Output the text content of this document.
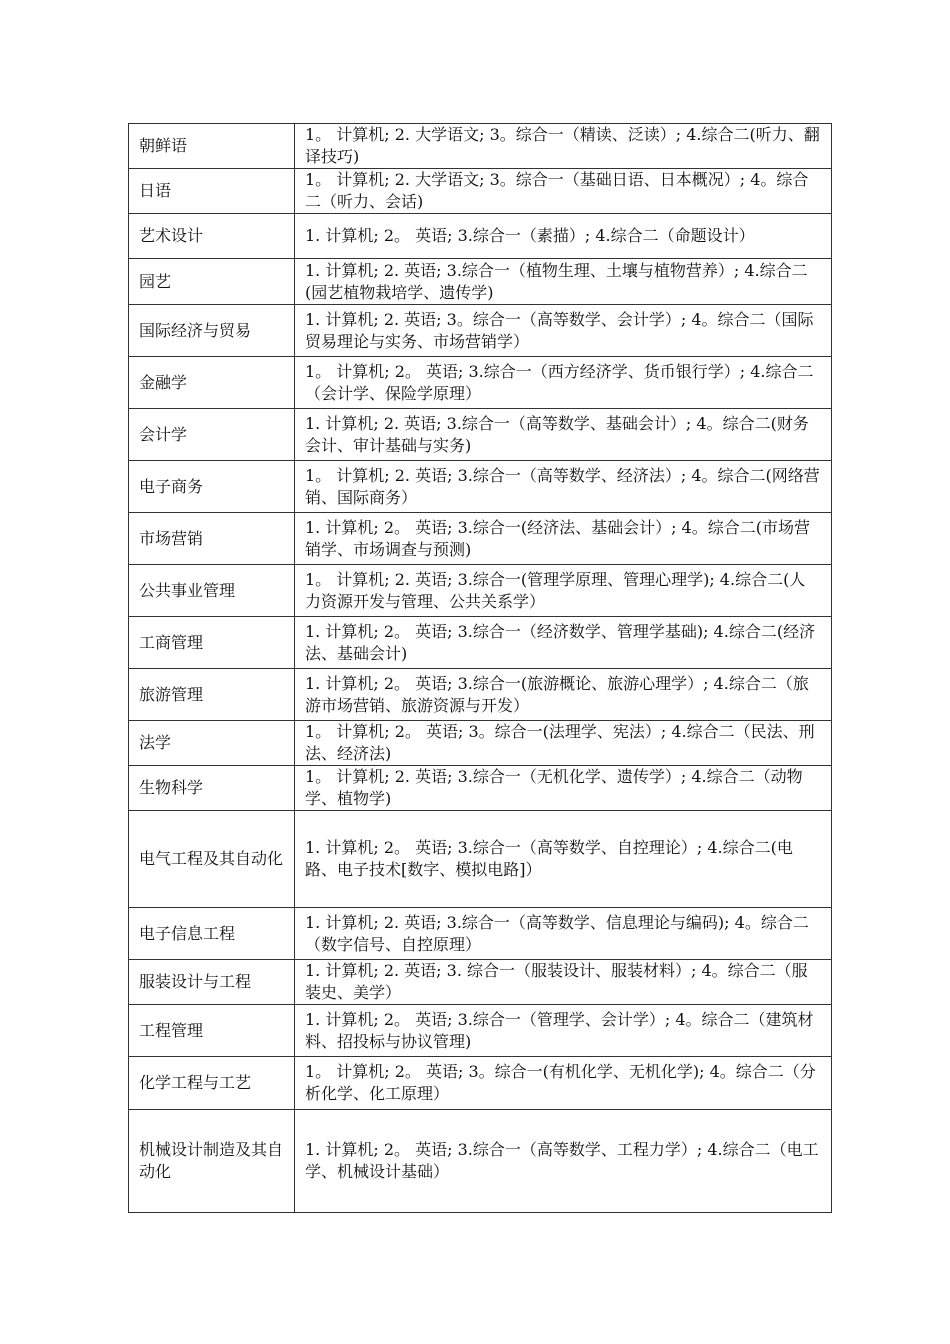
朝鲜语	1。 计算机; 2. 大学语文; 3。综合一（精读、泛读）; 4.综合二(听力、翻译技巧)

日语	1。 计算机; 2. 大学语文; 3。综合一（基础日语、日本概况）; 4。综合二（听力、会话)

艺术设计	1. 计算机; 2。 英语; 3.综合一（素描）; 4.综合二（命题设计）

园艺	1. 计算机; 2. 英语; 3.综合一（植物生理、土壤与植物营养）; 4.综合二(园艺植物栽培学、遗传学)

国际经济与贸易	1. 计算机; 2. 英语; 3。综合一（高等数学、会计学）; 4。综合二（国际贸易理论与实务、市场营销学）

金融学	1。 计算机; 2。 英语; 3.综合一（西方经济学、货币银行学）; 4.综合二（会计学、保险学原理）

会计学	1. 计算机; 2. 英语; 3.综合一（高等数学、基础会计）; 4。综合二(财务会计、审计基础与实务)

电子商务	1。 计算机; 2. 英语; 3.综合一（高等数学、经济法）; 4。综合二(网络营销、国际商务）

市场营销	1. 计算机; 2。 英语; 3.综合一(经济法、基础会计）; 4。综合二(市场营销学、市场调查与预测)

公共事业管理	1。 计算机; 2. 英语; 3.综合一(管理学原理、管理心理学); 4.综合二(人力资源开发与管理、公共关系学）

工商管理	1. 计算机; 2。 英语; 3.综合一（经济数学、管理学基础); 4.综合二(经济法、基础会计)

旅游管理	1. 计算机; 2。 英语; 3.综合一(旅游概论、旅游心理学）; 4.综合二（旅游市场营销、旅游资源与开发）

法学	1。 计算机; 2。 英语; 3。综合一(法理学、宪法）; 4.综合二（民法、刑法、经济法)

生物科学	1。 计算机; 2. 英语; 3.综合一（无机化学、遗传学）; 4.综合二（动物学、植物学)

电气工程及其自动化	1. 计算机; 2。 英语; 3.综合一（高等数学、自控理论）; 4.综合二(电路、电子技术[数字、模拟电路]）

电子信息工程	1. 计算机; 2. 英语; 3.综合一（高等数学、信息理论与编码); 4。综合二（数字信号、自控原理）

服装设计与工程	1. 计算机; 2. 英语; 3. 综合一（服装设计、服装材料）; 4。综合二（服装史、美学）

工程管理	1. 计算机; 2。 英语; 3.综合一（管理学、会计学）; 4。综合二（建筑材料、招投标与协议管理)

化学工程与工艺	1。 计算机; 2。 英语; 3。综合一(有机化学、无机化学); 4。综合二（分析化学、化工原理）

机械设计制造及其自动化	1. 计算机; 2。 英语; 3.综合一（高等数学、工程力学）; 4.综合二（电工学、机械设计基础）
